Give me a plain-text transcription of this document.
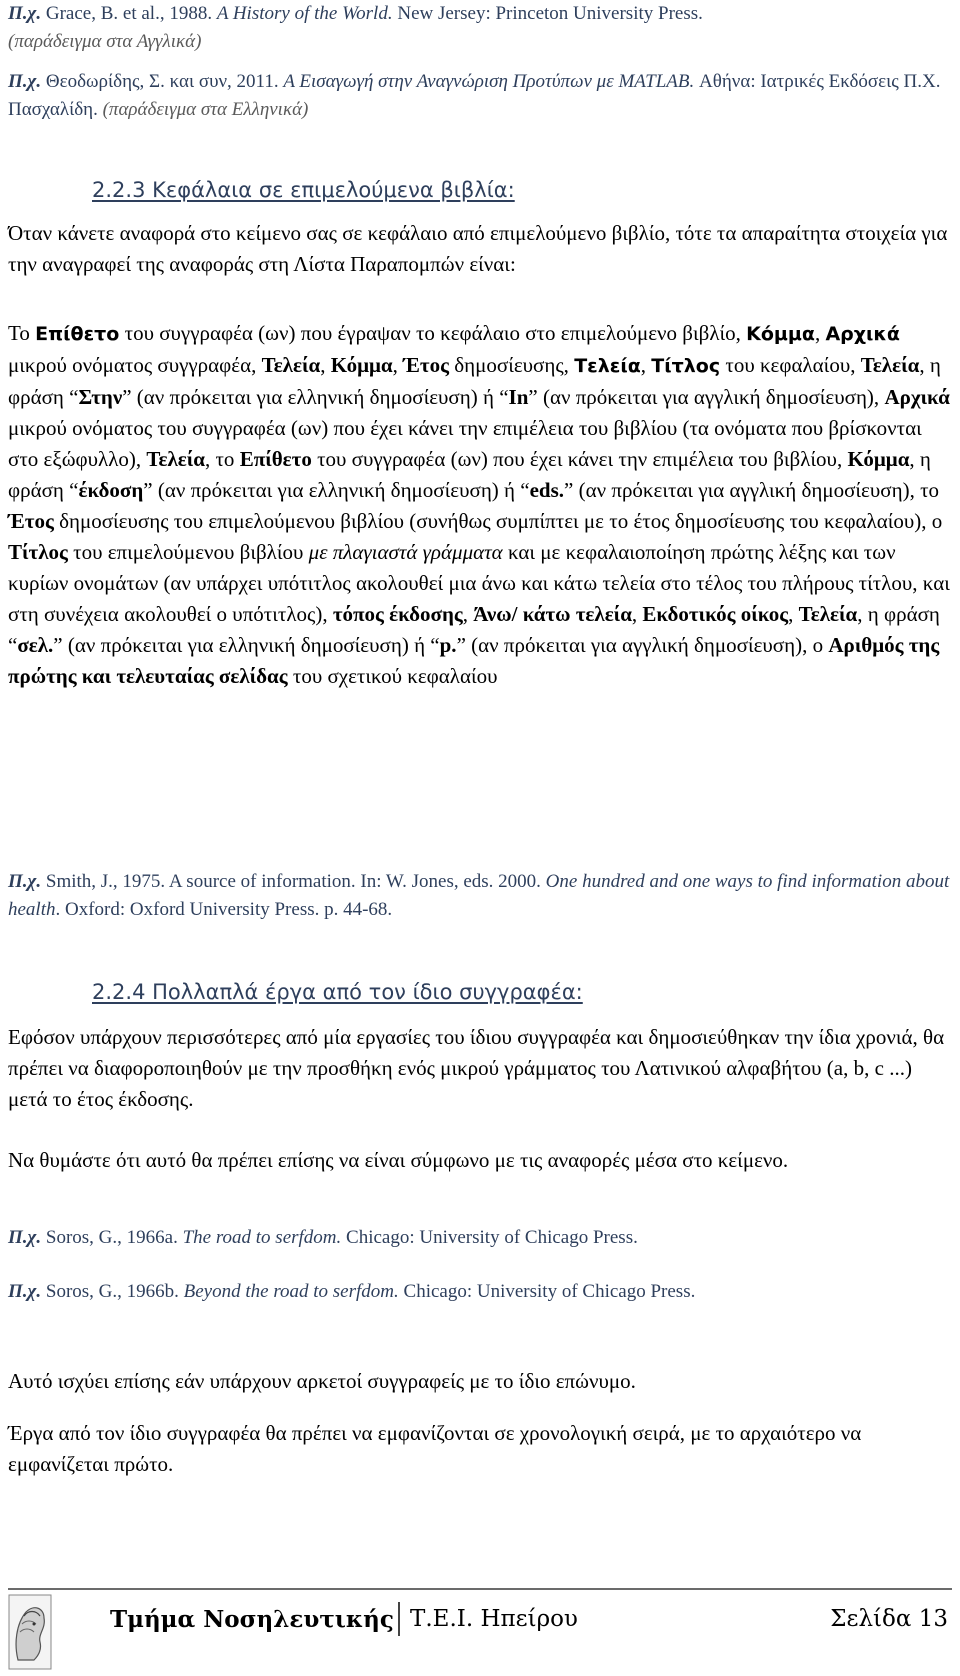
Π.χ. Grace, B. et al., 1988. A History of the World. New Jersey: Princeton University Press.
(παράδειγμα στα Αγγλικά)

Π.χ. Θεοδωρίδης, Σ. και συν, 2011. Α Εισαγωγή στην Αναγνώριση Προτύπων με MATLAB. Αθήνα: Ιατρικές Εκδόσεις Π.Χ. Πασχαλίδη. (παράδειγμα στα Ελληνικά)

2.2.3 Κεφάλαια σε επιμελούμενα βιβλία:

Όταν κάνετε αναφορά στο κείμενο σας σε κεφάλαιο από επιμελούμενο βιβλίο, τότε τα απαραίτητα στοιχεία για την αναγραφεί της αναφοράς στη Λίστα Παραπομπών είναι:

Το Επίθετο του συγγραφέα (ων) που έγραψαν το κεφάλαιο στο επιμελούμενο βιβλίο, Κόμμα, Αρχικά μικρού ονόματος συγγραφέα, Τελεία, Κόμμα, Έτος δημοσίευσης, Τελεία, Τίτλος του κεφαλαίου, Τελεία, η φράση “Στην” (αν πρόκειται για ελληνική δημοσίευση) ή “In” (αν πρόκειται για αγγλική δημοσίευση), Αρχικά μικρού ονόματος του συγγραφέα (ων) που έχει κάνει την επιμέλεια του βιβλίου (τα ονόματα που βρίσκονται στο εξώφυλλο), Τελεία, το Επίθετο του συγγραφέα (ων) που έχει κάνει την επιμέλεια του βιβλίου, Κόμμα, η φράση “έκδοση” (αν πρόκειται για ελληνική δημοσίευση) ή “eds.” (αν πρόκειται για αγγλική δημοσίευση), το Έτος δημοσίευσης του επιμελούμενου βιβλίου (συνήθως συμπίπτει με το έτος δημοσίευσης του κεφαλαίου), ο Τίτλος του επιμελούμενου βιβλίου με πλαγιαστά γράμματα και με κεφαλαιοποίηση πρώτης λέξης και των κυρίων ονομάτων (αν υπάρχει υπότιτλος ακολουθεί μια άνω και κάτω τελεία στο τέλος του πλήρους τίτλου, και στη συνέχεια ακολουθεί ο υπότιτλος), τόπος έκδοσης, Άνω/ κάτω τελεία, Εκδοτικός οίκος, Τελεία, η φράση “σελ.” (αν πρόκειται για ελληνική δημοσίευση) ή “p.” (αν πρόκειται για αγγλική δημοσίευση), ο Αριθμός της πρώτης και τελευταίας σελίδας του σχετικού κεφαλαίου

Π.χ. Smith, J., 1975. A source of information. In: W. Jones, eds. 2000. One hundred and one ways to find information about health. Oxford: Oxford University Press. p. 44-68.

2.2.4 Πολλαπλά έργα από τον ίδιο συγγραφέα:

Εφόσον υπάρχουν περισσότερες από μία εργασίες του ίδιου συγγραφέα και δημοσιεύθηκαν την ίδια χρονιά, θα πρέπει να διαφοροποιηθούν με την προσθήκη ενός μικρού γράμματος του Λατινικού αλφαβήτου (a, b, c ...) μετά το έτος έκδοσης.

Να θυμάστε ότι αυτό θα πρέπει επίσης να είναι σύμφωνο με τις αναφορές μέσα στο κείμενο.

Π.χ. Soros, G., 1966a. The road to serfdom. Chicago: University of Chicago Press.

Π.χ. Soros, G., 1966b. Beyond the road to serfdom. Chicago: University of Chicago Press.

Αυτό ισχύει επίσης εάν υπάρχουν αρκετοί συγγραφείς με το ίδιο επώνυμο.

Έργα από τον ίδιο συγγραφέα θα πρέπει να εμφανίζονται σε χρονολογική σειρά, με το αρχαιότερο να εμφανίζεται πρώτο.

Τμήμα Νοσηλευτικής Τ.Ε.Ι. Ηπείρου	Σελίδα 13
